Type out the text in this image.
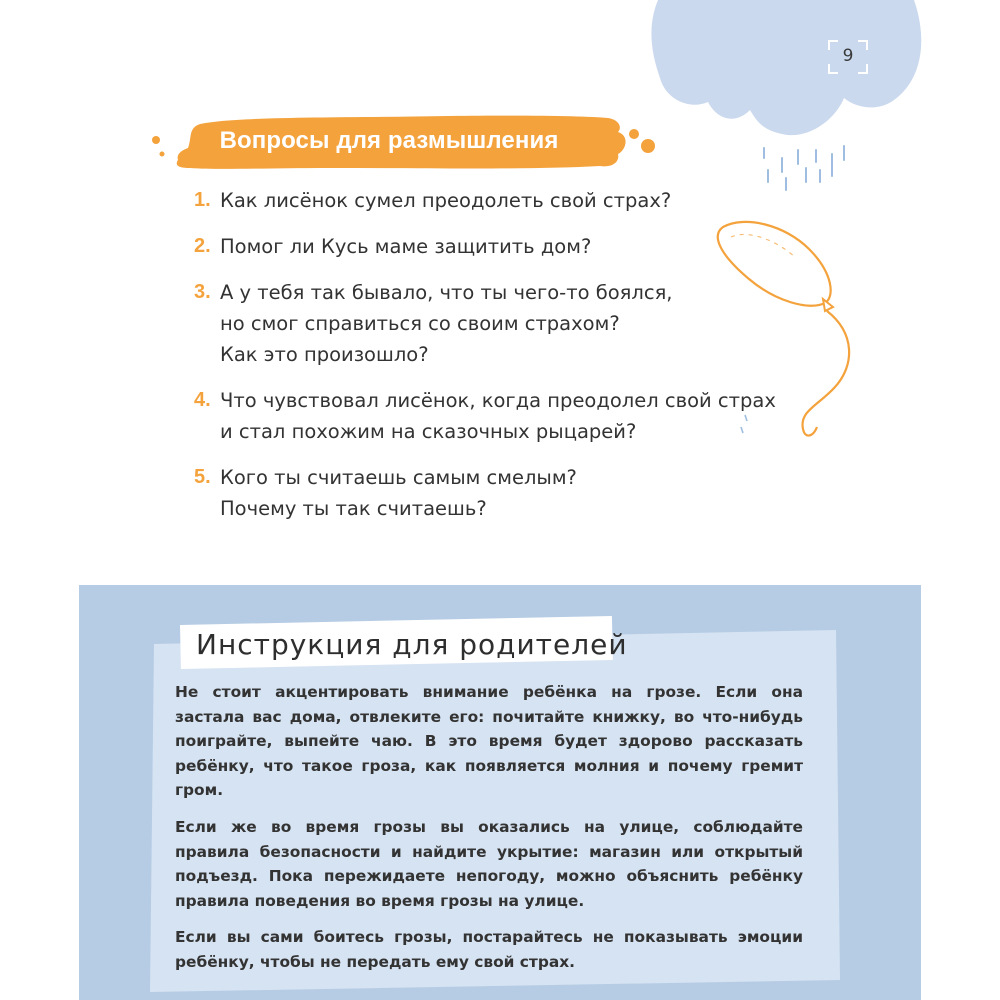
9
Вопросы для размышления
1. Как лисёнок сумел преодолеть свой страх?
2. Помог ли Кусь маме защитить дом?
3. А у тебя так бывало, что ты чего-то боялся,
но смог справиться со своим страхом?
Как это произошло?
4. Что чувствовал лисёнок, когда преодолел свой страх
и стал похожим на сказочных рыцарей?
5. Кого ты считаешь самым смелым?
Почему ты так считаешь?
Инструкция для родителей

Не стоит акцентировать внимание ребёнка на грозе. Если она
застала вас дома, отвлеките его: почитайте книжку, во что-нибудь
поиграйте, выпейте чаю. В это время будет здорово рассказать
ребёнку, что такое гроза, как появляется молния и почему гремит
гром.

Если же во время грозы вы оказались на улице, соблюдайте
правила безопасности и найдите укрытие: магазин или открытый
подъезд. Пока пережидаете непогоду, можно объяснить ребёнку
правила поведения во время грозы на улице.

Если вы сами боитесь грозы, постарайтесь не показывать эмоции
ребёнку, чтобы не передать ему свой страх.
